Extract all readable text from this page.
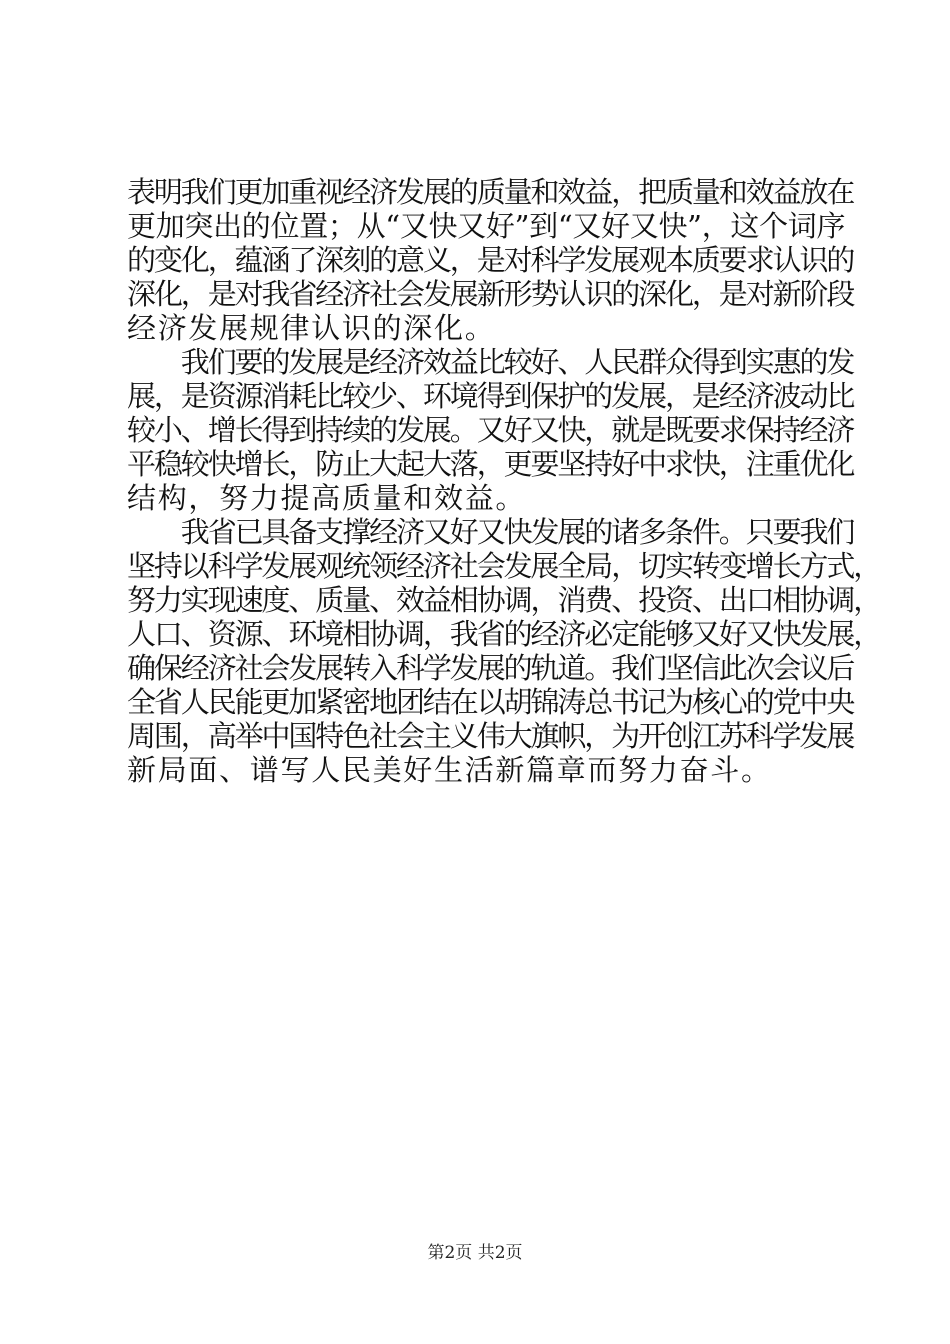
表明我们更加重视经济发展的质量和效益，把质量和效益放在
更加突出的位置；从“又快又好”到“又好又快”，这个词序
的变化，蕴涵了深刻的意义，是对科学发展观本质要求认识的
深化，是对我省经济社会发展新形势认识的深化，是对新阶段
经济发展规律认识的深化。
　　我们要的发展是经济效益比较好、人民群众得到实惠的发
展，是资源消耗比较少、环境得到保护的发展，是经济波动比
较小、增长得到持续的发展。又好又快，就是既要求保持经济
平稳较快增长，防止大起大落，更要坚持好中求快，注重优化
结构，努力提高质量和效益。
　　我省已具备支撑经济又好又快发展的诸多条件。只要我们
坚持以科学发展观统领经济社会发展全局，切实转变增长方式，
努力实现速度、质量、效益相协调，消费、投资、出口相协调，
人口、资源、环境相协调，我省的经济必定能够又好又快发展，
确保经济社会发展转入科学发展的轨道。我们坚信此次会议后
全省人民能更加紧密地团结在以胡锦涛总书记为核心的党中央
周围，高举中国特色社会主义伟大旗帜，为开创江苏科学发展
新局面、谱写人民美好生活新篇章而努力奋斗。
第2页 共2页
